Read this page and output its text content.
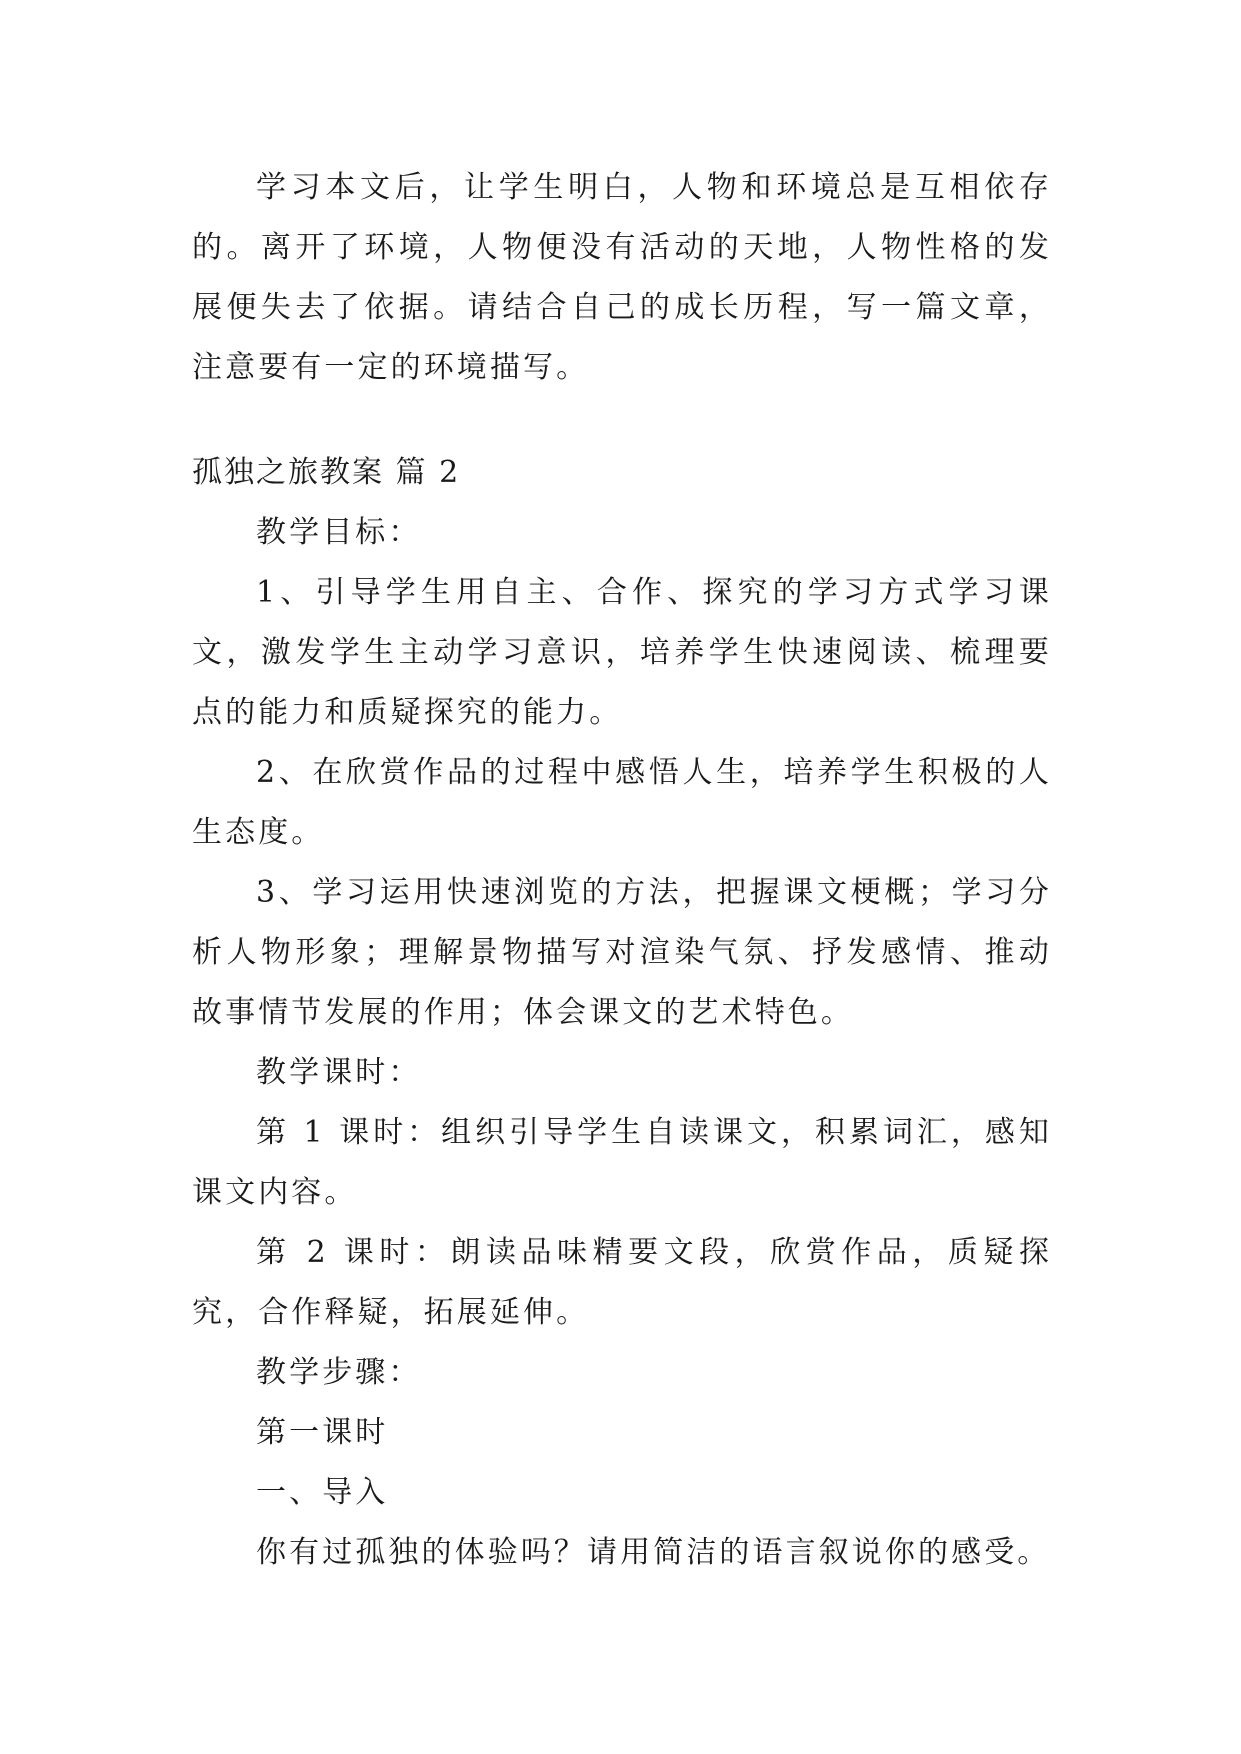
学习本文后，让学生明白，人物和环境总是互相依存的。离开了环境，人物便没有活动的天地，人物性格的发展便失去了依据。请结合自己的成长历程，写一篇文章，注意要有一定的环境描写。

孤独之旅教案 篇 2

教学目标：

1、引导学生用自主、合作、探究的学习方式学习课文，激发学生主动学习意识，培养学生快速阅读、梳理要点的能力和质疑探究的能力。

2、在欣赏作品的过程中感悟人生，培养学生积极的人生态度。

3、学习运用快速浏览的方法，把握课文梗概；学习分析人物形象；理解景物描写对渲染气氛、抒发感情、推动故事情节发展的作用；体会课文的艺术特色。

教学课时：

第 1 课时：组织引导学生自读课文，积累词汇，感知课文内容。

第 2 课时：朗读品味精要文段，欣赏作品，质疑探究，合作释疑，拓展延伸。

教学步骤：

第一课时

一、导入

你有过孤独的体验吗？请用简洁的语言叙说你的感受。
